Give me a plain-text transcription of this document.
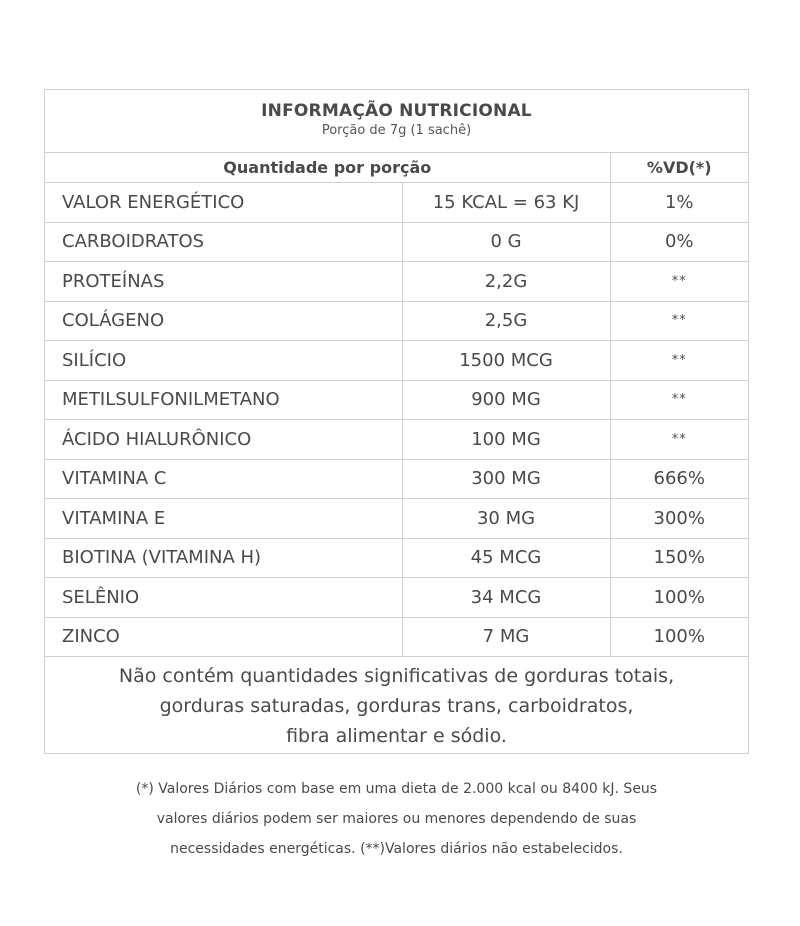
INFORMAÇÃO NUTRICIONAL
Porção de 7g (1 sachê)
Quantidade por porção		%VD(*)
VALOR ENERGÉTICO	15 KCAL = 63 KJ	1%
CARBOIDRATOS	0 G	0%
PROTEÍNAS	2,2G	**
COLÁGENO	2,5G	**
SILÍCIO	1500 MCG	**
METILSULFONILMETANO	900 MG	**
ÁCIDO HIALURÔNICO	100 MG	**
VITAMINA C	300 MG	666%
VITAMINA E	30 MG	300%
BIOTINA (VITAMINA H)	45 MCG	150%
SELÊNIO	34 MCG	100%
ZINCO	7 MG	100%
Não contém quantidades significativas de gorduras totais,
gorduras saturadas, gorduras trans, carboidratos,
fibra alimentar e sódio.
(*) Valores Diários com base em uma dieta de 2.000 kcal ou 8400 kJ. Seus
valores diários podem ser maiores ou menores dependendo de suas
necessidades energéticas. (**)Valores diários não estabelecidos.
